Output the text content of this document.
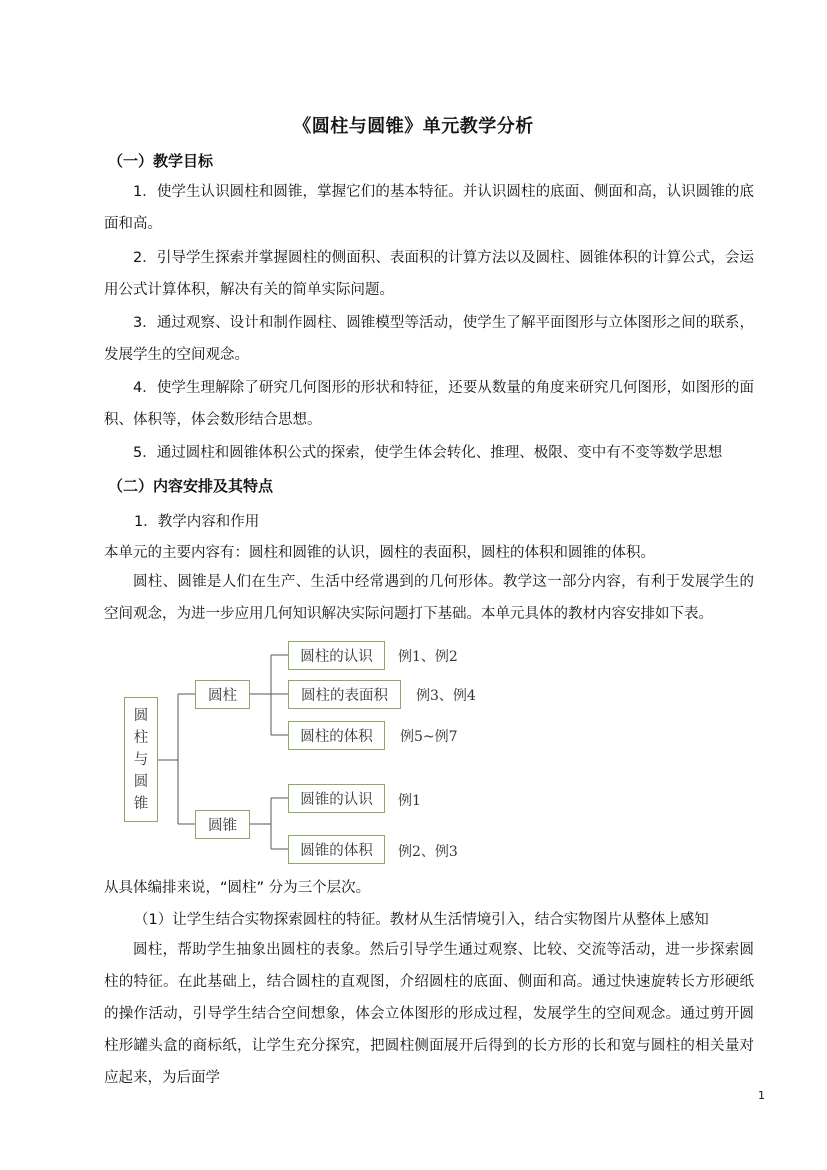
《圆柱与圆锥》单元教学分析
（一）教学目标
1．使学生认识圆柱和圆锥，掌握它们的基本特征。并认识圆柱的底面、侧面和高，认识圆锥的底面和高。
2．引导学生探索并掌握圆柱的侧面积、表面积的计算方法以及圆柱、圆锥体积的计算公式，会运用公式计算体积，解决有关的简单实际问题。
3．通过观察、设计和制作圆柱、圆锥模型等活动，使学生了解平面图形与立体图形之间的联系，发展学生的空间观念。
4．使学生理解除了研究几何图形的形状和特征，还要从数量的角度来研究几何图形，如图形的面积、体积等，体会数形结合思想。
5．通过圆柱和圆锥体积公式的探索，使学生体会转化、推理、极限、变中有不变等数学思想
（二）内容安排及其特点
1．教学内容和作用
本单元的主要内容有：圆柱和圆锥的认识，圆柱的表面积，圆柱的体积和圆锥的体积。
圆柱、圆锥是人们在生产、生活中经常遇到的几何形体。教学这一部分内容，有利于发展学生的空间观念，为进一步应用几何知识解决实际问题打下基础。本单元具体的教材内容安排如下表。
圆
柱
与
圆
锥
圆柱
圆锥
圆柱的认识
圆柱的表面积
圆柱的体积
圆锥的认识
圆锥的体积
例1、例2
例3、例4
例5~例7
例1
例2、例3
从具体编排来说，“圆柱” 分为三个层次。
（1）让学生结合实物探索圆柱的特征。教材从生活情境引入，结合实物图片从整体上感知
圆柱，帮助学生抽象出圆柱的表象。然后引导学生通过观察、比较、交流等活动，进一步探索圆柱的特征。在此基础上，结合圆柱的直观图，介绍圆柱的底面、侧面和高。通过快速旋转长方形硬纸的操作活动，引导学生结合空间想象，体会立体图形的形成过程，发展学生的空间观念。通过剪开圆柱形罐头盒的商标纸，让学生充分探究，把圆柱侧面展开后得到的长方形的长和宽与圆柱的相关量对应起来，为后面学
1
